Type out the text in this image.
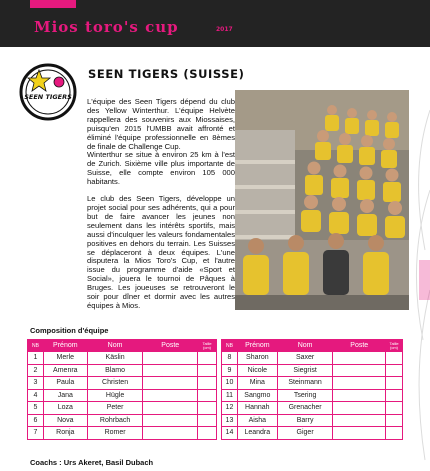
Mios toro's cup	2017
SEEN TIGERS
SEEN TIGERS (SUISSE)

L'équipe des Seen Tigers dépend du club des Yellow Winterthur. L'équipe Helvète rappellera des souvenirs aux Miossaises, puisqu'en 2015 l'UMBB avait affronté et éliminé l'équipe professionnelle en 8èmes de finale de Challenge Cup.

Winterthur se situe à environ 25 km à l'est de Zurich. Sixième ville plus importante de Suisse, elle compte environ 105 000 habitants.

Le club des Seen Tigers, développe un projet social pour ses adhérents, qui a pour but de faire avancer les jeunes non seulement dans les intérêts sportifs, mais aussi d'inculquer les valeurs fondamentales positives en dehors du terrain. Les Suisses se déplaceront à deux équipes. L'une disputera la Mios Toro's Cup, et l'autre issue du programme d'aide «Sport et Social», jouera le tournoi de Pâques à Bruges. Les joueuses se retrouveront le soir pour dîner et dormir avec les autres équipes à Mios.

Composition d'équipe
NB	Prénom	Nom	Poste	Taille (cm)
1	Merle	Käslin		
2	Amenra	Blamo		
3	Paula	Christen		
4	Jana	Hügle		
5	Loza	Peter		
6	Nova	Rohrbach		
7	Ronja	Romer		
NB	Prénom	Nom	Poste	Taille (cm)
8	Sharon	Saxer		
9	Nicole	Siegrist		
10	Mina	Steinmann		
11	Sangmo	Tsering		
12	Hannah	Grenacher		
13	Aisha	Barry		
14	Leandra	Giger		
Coachs : Urs Akeret, Basil Dubach
